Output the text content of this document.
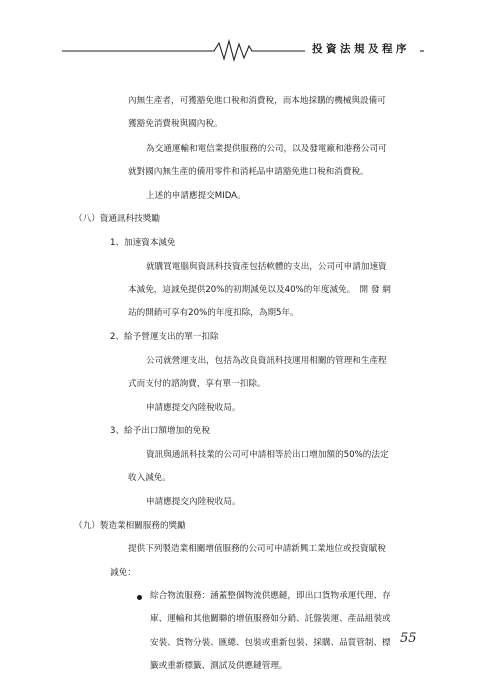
投資法規及程序
內無生產者，可獲豁免進口稅和消費稅，而本地採購的機械與設備可
獲豁免消費稅與國內稅。
為交通運輸和電信業提供服務的公司，以及發電廠和港務公司可
就對國內無生產的備用零件和消耗品申請豁免進口稅和消費稅。
上述的申請應提交MIDA。
（八）資通訊科技獎勵
1、加速資本減免
就購買電腦與資訊科技資產包括軟體的支出，公司可申請加速資
本減免，這減免提供20%的初期減免以及40%的年度減免。　開 發 網
站的開銷可享有20%的年度扣除，為期5年。
2、給予營運支出的單一扣除
公司就營運支出，包括為改良資訊科技運用相關的管理和生產程
式而支付的諮詢費，享有單一扣除。
申請應提交內陸稅收局。
3、給予出口額增加的免稅
資訊與通訊科技業的公司可申請相等於出口增加額的50%的法定
收入減免。
申請應提交內陸稅收局。
（九）製造業相關服務的獎勵
提供下列製造業相關增值服務的公司可申請新興工業地位或投資賦稅
減免：
綜合物流服務：涵蓋整個物流供應鏈，即出口貨物承運代理、存
庫、運輸和其他關聯的增值服務如分銷、託盤裝運、產品組裝或
安裝、貨物分裝、匯總、包裝或重新包裝、採購、品質管制、標
籤或重新標籤、測試及供應鏈管理。
55
